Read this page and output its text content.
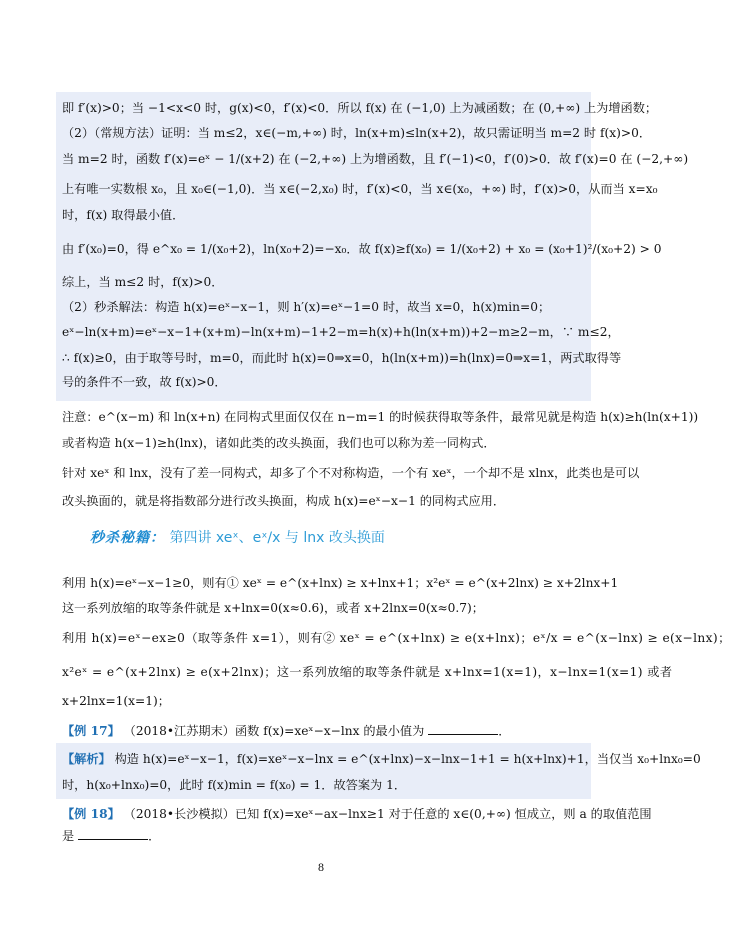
即 f′(x)>0；当 −1<x<0 时，g(x)<0，f′(x)<0．所以 f(x) 在 (−1,0) 上为减函数；在 (0,+∞) 上为增函数；
（2）（常规方法）证明：当 m≤2，x∈(−m,+∞) 时，ln(x+m)≤ln(x+2)，故只需证明当 m=2 时 f(x)>0．
当 m=2 时，函数 f′(x)=eˣ − 1/(x+2) 在 (−2,+∞) 上为增函数，且 f′(−1)<0，f′(0)>0．故 f′(x)=0 在 (−2,+∞)
上有唯一实数根 x₀，且 x₀∈(−1,0)．当 x∈(−2,x₀) 时，f′(x)<0，当 x∈(x₀，+∞) 时，f′(x)>0，从而当 x=x₀
时，f(x) 取得最小值．
由 f′(x₀)=0，得 e^x₀ = 1/(x₀+2)，ln(x₀+2)=−x₀．故 f(x)≥f(x₀) = 1/(x₀+2) + x₀ = (x₀+1)²/(x₀+2) > 0
综上，当 m≤2 时，f(x)>0．
（2）秒杀解法：构造 h(x)=eˣ−x−1，则 h′(x)=eˣ−1=0 时，故当 x=0，h(x)min=0；
eˣ−ln(x+m)=eˣ−x−1+(x+m)−ln(x+m)−1+2−m=h(x)+h(ln(x+m))+2−m≥2−m，∵ m≤2，
∴ f(x)≥0，由于取等号时，m=0，而此时 h(x)=0⇒x=0，h(ln(x+m))=h(lnx)=0⇒x=1，两式取得等
号的条件不一致，故 f(x)>0．
注意：e^(x−m) 和 ln(x+n) 在同构式里面仅仅在 n−m=1 的时候获得取等条件，最常见就是构造 h(x)≥h(ln(x+1))
或者构造 h(x−1)≥h(lnx)，诸如此类的改头换面，我们也可以称为差一同构式．
针对 xeˣ 和 lnx，没有了差一同构式，却多了个不对称构造，一个有 xeˣ，一个却不是 xlnx，此类也是可以
改头换面的，就是将指数部分进行改头换面，构成 h(x)=eˣ−x−1 的同构式应用．
秒杀秘籍： 第四讲 xeˣ、eˣ/x 与 lnx 改头换面
利用 h(x)=eˣ−x−1≥0，则有① xeˣ = e^(x+lnx) ≥ x+lnx+1；x²eˣ = e^(x+2lnx) ≥ x+2lnx+1
这一系列放缩的取等条件就是 x+lnx=0(x≈0.6)，或者 x+2lnx=0(x≈0.7)；
利用 h(x)=eˣ−ex≥0（取等条件 x=1），则有② xeˣ = e^(x+lnx) ≥ e(x+lnx)；eˣ/x = e^(x−lnx) ≥ e(x−lnx)；
x²eˣ = e^(x+2lnx) ≥ e(x+2lnx)；这一系列放缩的取等条件就是 x+lnx=1(x=1)，x−lnx=1(x=1) 或者
x+2lnx=1(x=1)；
【例 17】 （2018•江苏期末）函数 f(x)=xeˣ−x−lnx 的最小值为	．
【解析】 构造 h(x)=eˣ−x−1，f(x)=xeˣ−x−lnx = e^(x+lnx)−x−lnx−1+1 = h(x+lnx)+1，当仅当 x₀+lnx₀=0
时，h(x₀+lnx₀)=0，此时 f(x)min = f(x₀) = 1．故答案为 1．
【例 18】 （2018•长沙模拟）已知 f(x)=xeˣ−ax−lnx≥1 对于任意的 x∈(0,+∞) 恒成立，则 a 的取值范围
是	．
8
